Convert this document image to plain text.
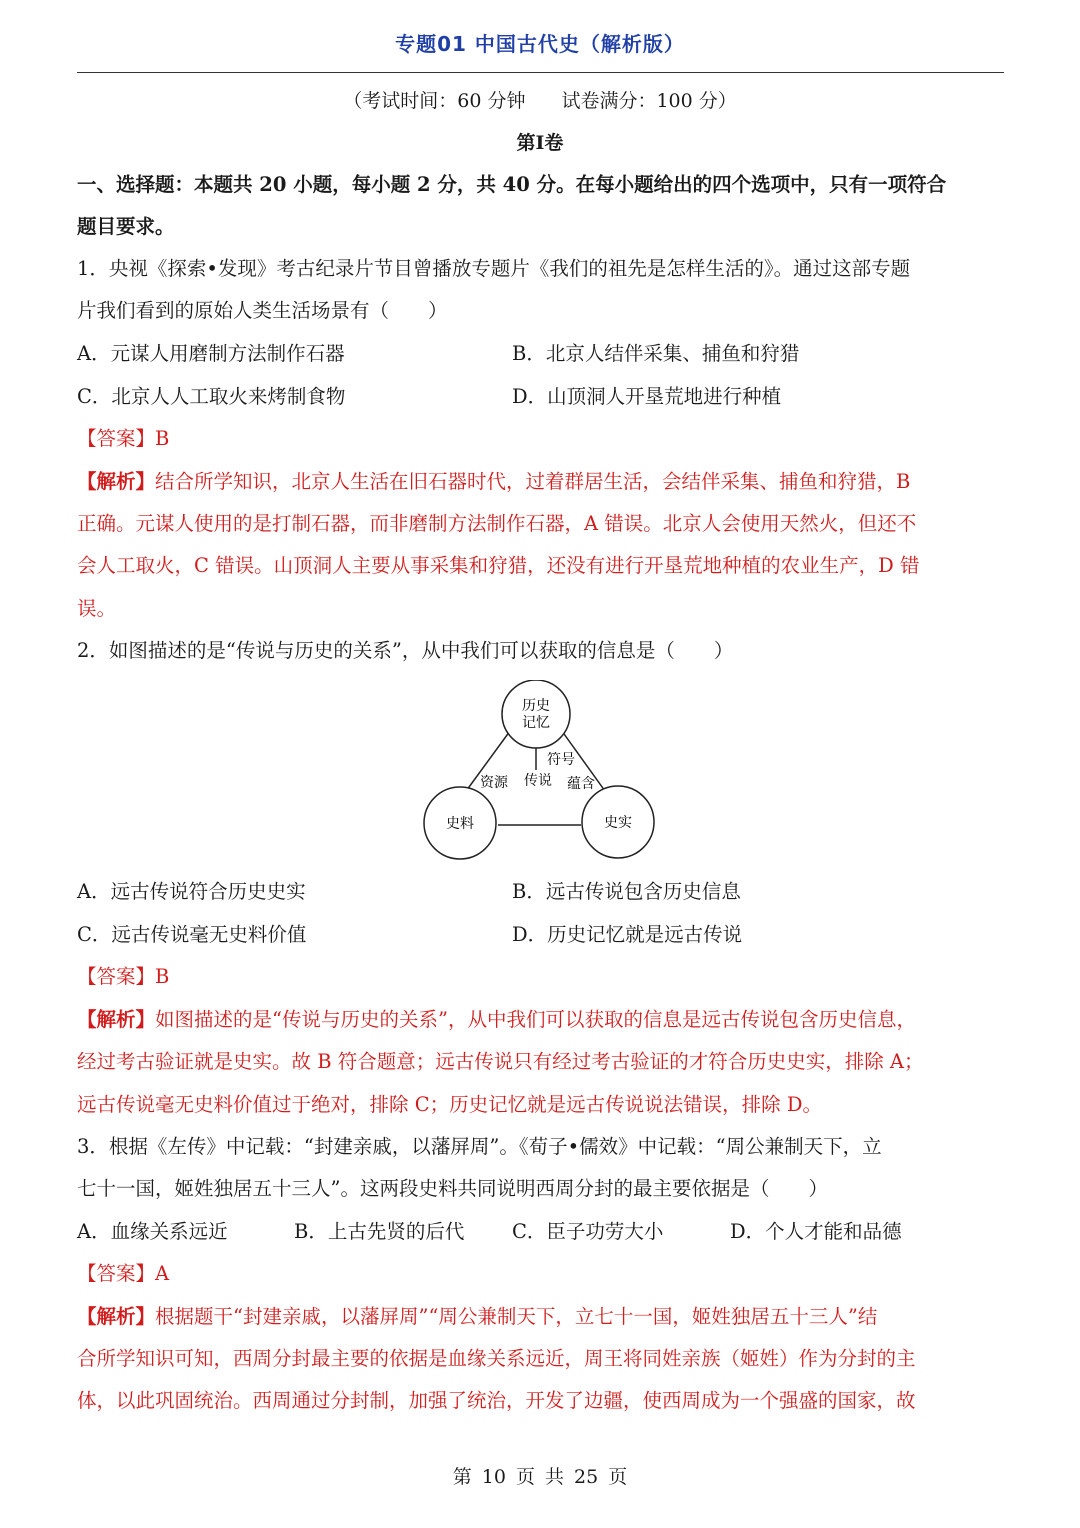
专题01 中国古代史（解析版）
（考试时间：60 分钟 试卷满分：100 分）
第Ⅰ卷
一、选择题：本题共 20 小题，每小题 2 分，共 40 分。在每小题给出的四个选项中，只有一项符合
题目要求。
1．央视《探索•发现》考古纪录片节目曾播放专题片《我们的祖先是怎样生活的》。通过这部专题
片我们看到的原始人类生活场景有（　　）
A．元谋人用磨制方法制作石器	B．北京人结伴采集、捕鱼和狩猎
C．北京人人工取火来烤制食物	D．山顶洞人开垦荒地进行种植
【答案】B
【解析】结合所学知识，北京人生活在旧石器时代，过着群居生活，会结伴采集、捕鱼和狩猎，B
正确。元谋人使用的是打制石器，而非磨制方法制作石器，A 错误。北京人会使用天然火，但还不
会人工取火，C 错误。山顶洞人主要从事采集和狩猎，还没有进行开垦荒地种植的农业生产，D 错
误。
2．如图描述的是“传说与历史的关系”，从中我们可以获取的信息是（　　）
历史
记忆
史料	史实
符号
资源 传说 蕴含
A．远古传说符合历史史实	B．远古传说包含历史信息
C．远古传说毫无史料价值	D．历史记忆就是远古传说
【答案】B
【解析】如图描述的是“传说与历史的关系”，从中我们可以获取的信息是远古传说包含历史信息，
经过考古验证就是史实。故 B 符合题意；远古传说只有经过考古验证的才符合历史史实，排除 A；
远古传说毫无史料价值过于绝对，排除 C；历史记忆就是远古传说说法错误，排除 D。
3．根据《左传》中记载：“封建亲戚，以藩屏周”。《荀子•儒效》中记载：“周公兼制天下，立
七十一国，姬姓独居五十三人”。这两段史料共同说明西周分封的最主要依据是（　　）
A．血缘关系远近	B．上古先贤的后代 C．臣子功劳大小	D．个人才能和品德
【答案】A
【解析】根据题干“封建亲戚，以藩屏周”“周公兼制天下，立七十一国，姬姓独居五十三人”结
合所学知识可知，西周分封最主要的依据是血缘关系远近，周王将同姓亲族（姬姓）作为分封的主
体，以此巩固统治。西周通过分封制，加强了统治，开发了边疆，使西周成为一个强盛的国家，故
第 10 页 共 25 页
